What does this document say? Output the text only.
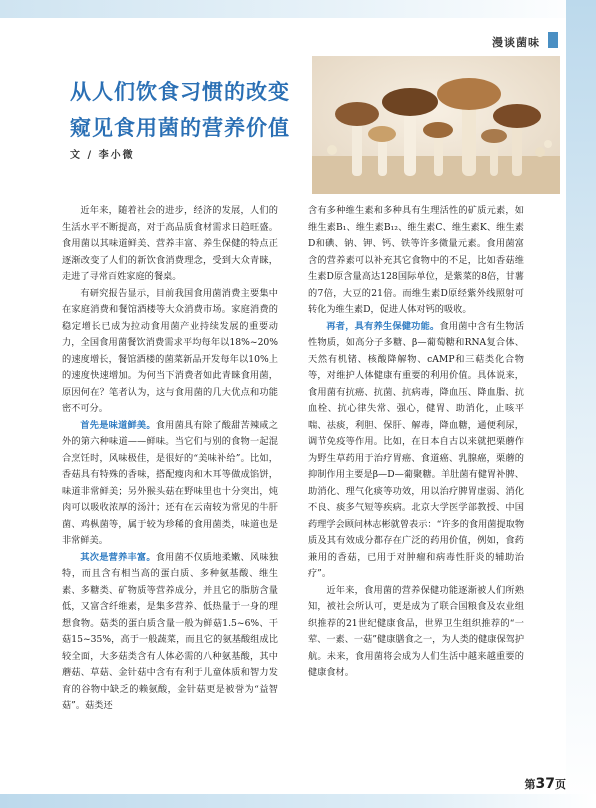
漫谈菌味
从人们饮食习惯的改变
窥见食用菌的营养价值
文 / 李小微

近年来，随着社会的进步，经济的发展，人们的生活水平不断提高，对于高品质食材需求日趋旺盛。食用菌以其味道鲜美、营养丰富、养生保健的特点正逐渐改变了人们的新饮食消费理念，受到大众青睐，走进了寻常百姓家庭的餐桌。

有研究报告显示，目前我国食用菌消费主要集中在家庭消费和餐馆酒楼等大众消费市场。家庭消费的稳定增长已成为拉动食用菌产业持续发展的重要动力，全国食用菌餐饮消费需求平均每年以18%~20%的速度增长，餐馆酒楼的菌菜新品开发每年以10%上的速度快速增加。为何当下消费者如此青睐食用菌，原因何在？笔者认为，这与食用菌的几大优点和功能密不可分。

首先是味道鲜美。食用菌具有除了酸甜苦辣咸之外的第六种味道——鲜味。当它们与别的食物一起混合烹饪时，风味极佳，是很好的“美味补给”。比如，香菇具有特殊的香味，搭配瘦肉和木耳等做成馅饼，味道非常鲜美；另外猴头菇在野味里也十分突出，炖肉可以吸收浓厚的汤汁；还有在云南较为常见的牛肝菌、鸡枞菌等，属于较为珍稀的食用菌类，味道也是非常鲜美。

其次是营养丰富。食用菌不仅质地柔嫩、风味独特，而且含有相当高的蛋白质、多种氨基酸、维生素、多糖类、矿物质等营养成分，并且它的脂肪含量低，又富含纤维素，是集多营养、低热量于一身的理想食物。菇类的蛋白质含量一般为鲜菇1.5~6%、干菇15~35%，高于一般蔬菜，而且它的氨基酸组成比较全面，大多菇类含有人体必需的八种氨基酸，其中蘑菇、草菇、金针菇中含有有利于儿童体质和智力发育的谷物中缺乏的赖氨酸，金针菇更是被誉为“益智菇”。菇类还

含有多种维生素和多种具有生理活性的矿质元素，如维生素B₁、维生素B₁₂、维生素C、维生素K、维生素D和碘、钠、钾、钙、铁等许多微量元素。食用菌富含的营养素可以补充其它食物中的不足，比如香菇维生素D原含量高达128国际单位，是紫菜的8倍，甘薯的7倍，大豆的21倍。而维生素D原经紫外线照射可转化为维生素D，促进人体对钙的吸收。

再者，具有养生保健功能。食用菌中含有生物活性物质，如高分子多糖、β—葡萄糖和RNA复合体、天然有机锗、核酸降解物、cAMP和三萜类化合物等，对维护人体健康有重要的利用价值。具体说来，食用菌有抗癌、抗菌、抗病毒，降血压、降血脂、抗血栓、抗心律失常、强心，健胃、助消化，止咳平喘、祛痰，利胆、保肝、解毒，降血糖，通便利尿，调节免疫等作用。比如，在日本自古以来就把栗蘑作为野生草药用于治疗胃癌、食道癌、乳腺癌，栗蘑的抑制作用主要是β—D—葡聚糖。羊肚菌有健胃补脾、助消化、理气化痰等功效，用以治疗脾胃虚弱、消化不良、痰多气短等疾病。北京大学医学部教授、中国药理学会顾问林志彬就曾表示：“许多的食用菌提取物质及其有效成分都存在广泛的药用价值，例如，食药兼用的香菇，已用于对肿瘤和病毒性肝炎的辅助治疗”。

近年来，食用菌的营养保健功能逐渐被人们所熟知，被社会所认可，更是成为了联合国粮食及农业组织推荐的21世纪健康食品，世界卫生组织推荐的“一荤、一素、一菇”健康膳食之一，为人类的健康保驾护航。未来，食用菌将会成为人们生活中越来越重要的健康食材。

第37页
